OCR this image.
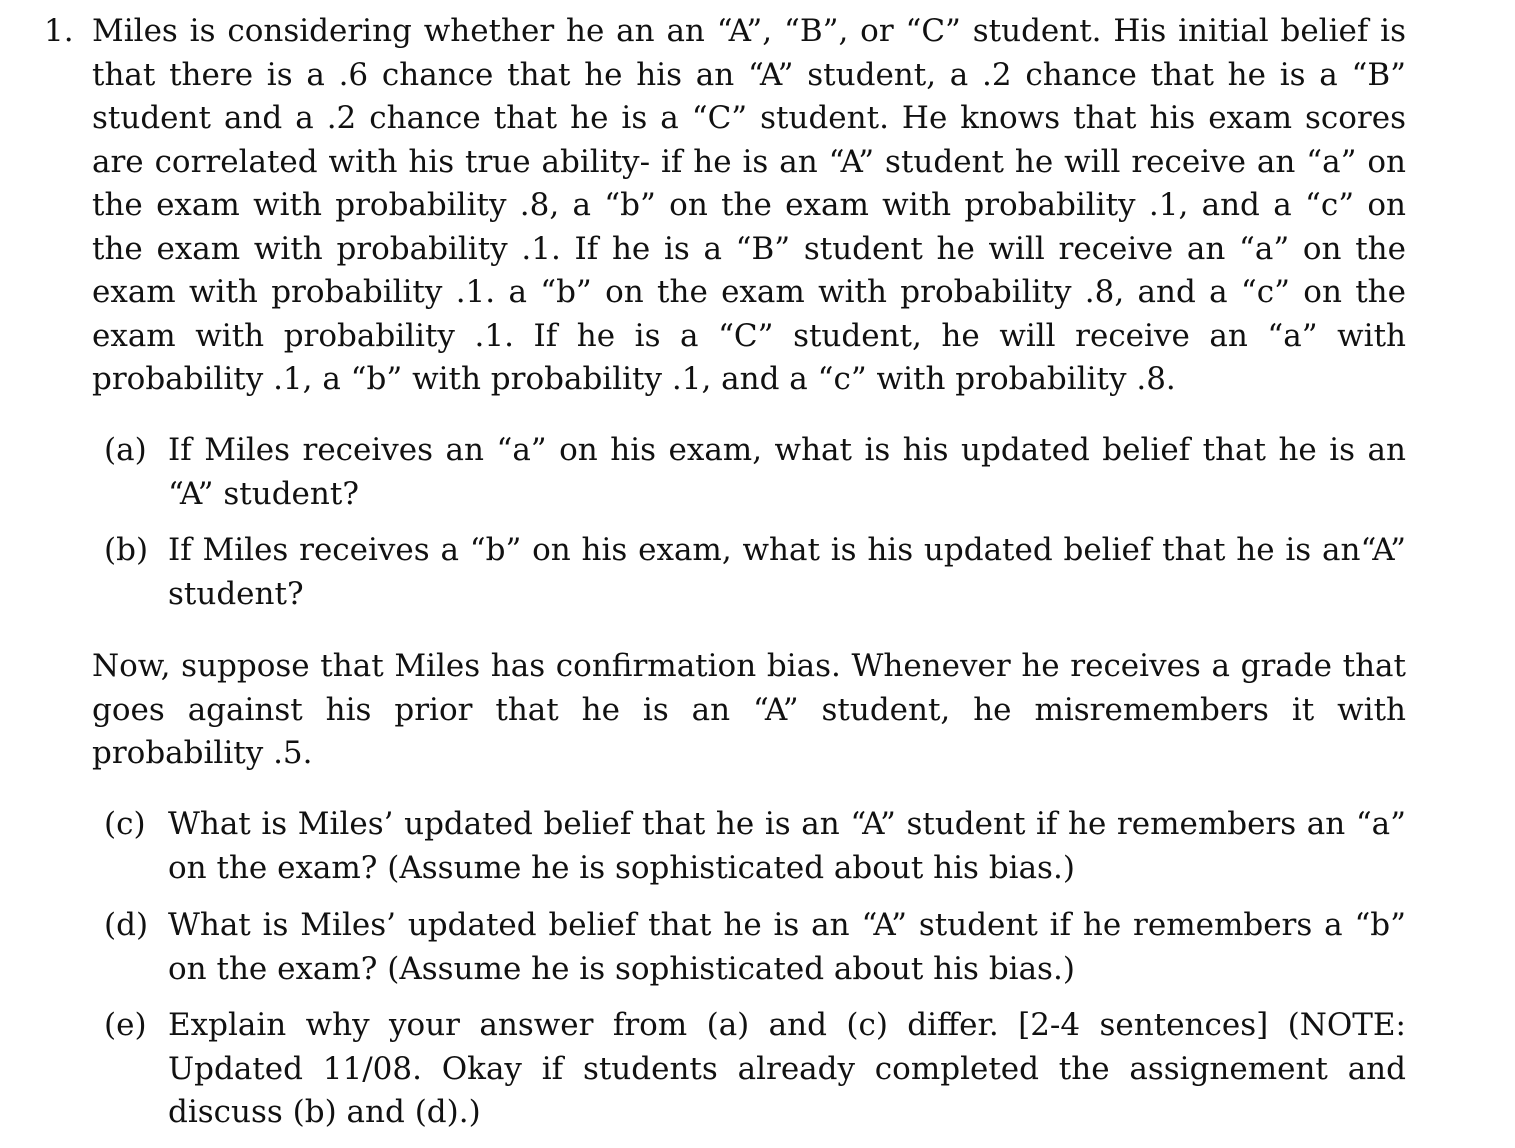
1. Miles is considering whether he an an “A”, “B”, or “C” student. His initial belief is that there is a .6 chance that he his an “A” student, a .2 chance that he is a “B” student and a .2 chance that he is a “C” student. He knows that his exam scores are correlated with his true ability- if he is an “A” student he will receive an “a” on the exam with probability .8, a “b” on the exam with probability .1, and a “c” on the exam with probability .1. If he is a “B” student he will receive an “a” on the exam with probability .1. a “b” on the exam with probability .8, and a “c” on the exam with probability .1. If he is a “C” student, he will receive an “a” with probability .1, a “b” with probability .1, and a “c” with probability .8.

(a) If Miles receives an “a” on his exam, what is his updated belief that he is an “A” student?
(b) If Miles receives a “b” on his exam, what is his updated belief that he is an“A” student?

Now, suppose that Miles has confirmation bias. Whenever he receives a grade that goes against his prior that he is an “A” student, he misremembers it with probability .5.

(c) What is Miles’ updated belief that he is an “A” student if he remembers an “a” on the exam? (Assume he is sophisticated about his bias.)
(d) What is Miles’ updated belief that he is an “A” student if he remembers a “b” on the exam? (Assume he is sophisticated about his bias.)
(e) Explain why your answer from (a) and (c) differ. [2-4 sentences] (NOTE: Updated 11/08. Okay if students already completed the assignement and discuss (b) and (d).)
